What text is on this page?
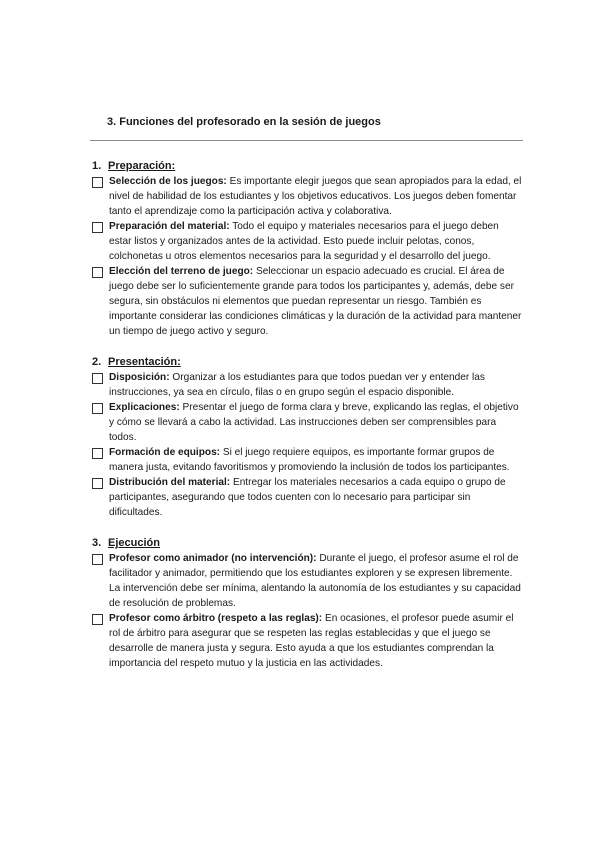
3. Funciones del profesorado en la sesión de juegos
1. Preparación:
Selección de los juegos: Es importante elegir juegos que sean apropiados para la edad, el nivel de habilidad de los estudiantes y los objetivos educativos. Los juegos deben fomentar tanto el aprendizaje como la participación activa y colaborativa.
Preparación del material: Todo el equipo y materiales necesarios para el juego deben estar listos y organizados antes de la actividad. Esto puede incluir pelotas, conos, colchonetas u otros elementos necesarios para la seguridad y el desarrollo del juego.
Elección del terreno de juego: Seleccionar un espacio adecuado es crucial. El área de juego debe ser lo suficientemente grande para todos los participantes y, además, debe ser segura, sin obstáculos ni elementos que puedan representar un riesgo. También es importante considerar las condiciones climáticas y la duración de la actividad para mantener un tiempo de juego activo y seguro.
2. Presentación:
Disposición: Organizar a los estudiantes para que todos puedan ver y entender las instrucciones, ya sea en círculo, filas o en grupo según el espacio disponible.
Explicaciones: Presentar el juego de forma clara y breve, explicando las reglas, el objetivo y cómo se llevará a cabo la actividad. Las instrucciones deben ser comprensibles para todos.
Formación de equipos: Si el juego requiere equipos, es importante formar grupos de manera justa, evitando favoritismos y promoviendo la inclusión de todos los participantes.
Distribución del material: Entregar los materiales necesarios a cada equipo o grupo de participantes, asegurando que todos cuenten con lo necesario para participar sin dificultades.
3. Ejecución
Profesor como animador (no intervención): Durante el juego, el profesor asume el rol de facilitador y animador, permitiendo que los estudiantes exploren y se expresen libremente. La intervención debe ser mínima, alentando la autonomía de los estudiantes y su capacidad de resolución de problemas.
Profesor como árbitro (respeto a las reglas): En ocasiones, el profesor puede asumir el rol de árbitro para asegurar que se respeten las reglas establecidas y que el juego se desarrolle de manera justa y segura. Esto ayuda a que los estudiantes comprendan la importancia del respeto mutuo y la justicia en las actividades.
